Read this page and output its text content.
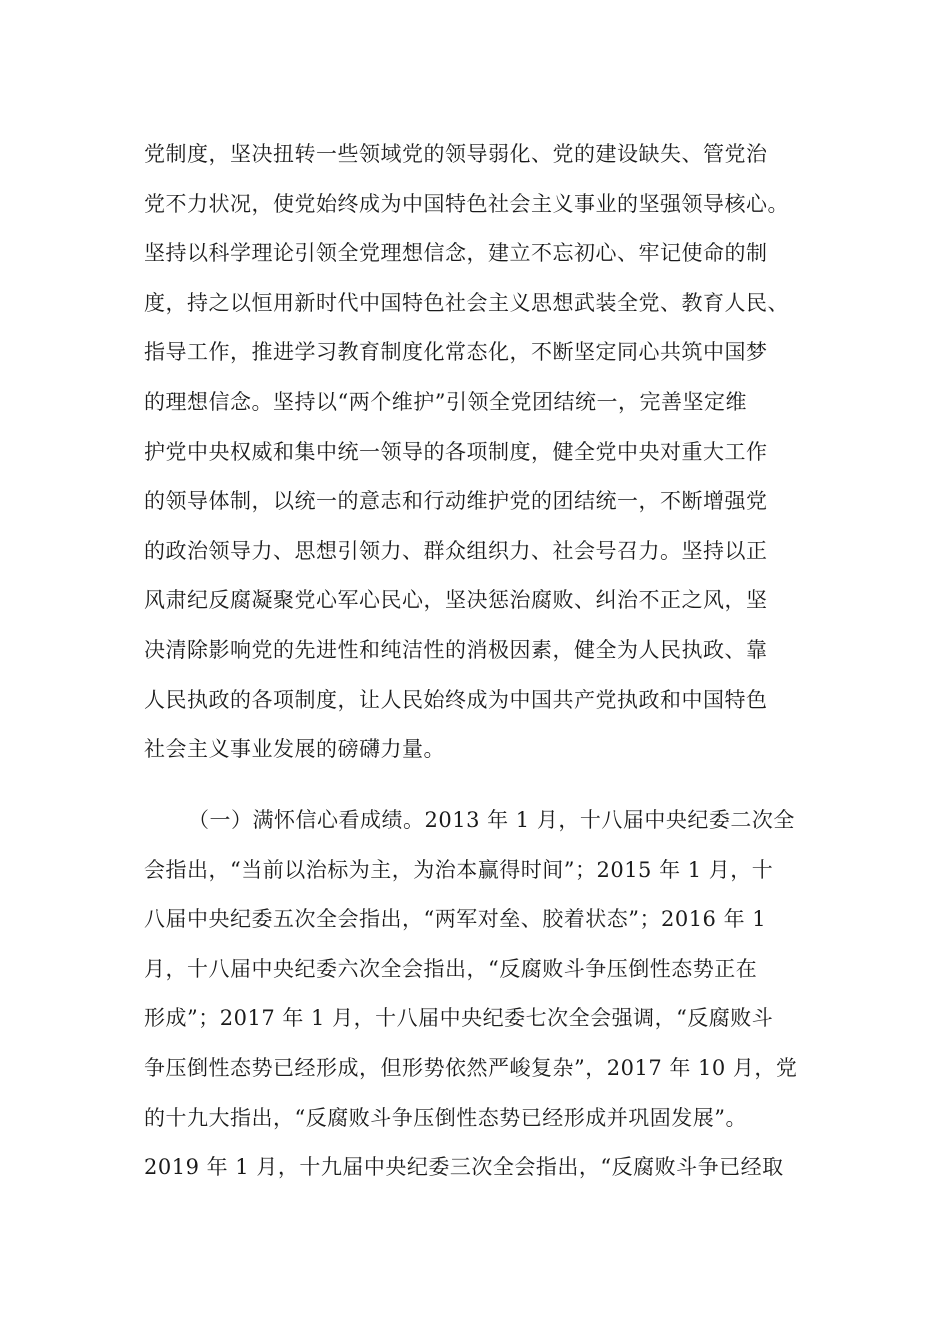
党制度，坚决扭转一些领域党的领导弱化、党的建设缺失、管党治
党不力状况，使党始终成为中国特色社会主义事业的坚强领导核心。
坚持以科学理论引领全党理想信念，建立不忘初心、牢记使命的制
度，持之以恒用新时代中国特色社会主义思想武装全党、教育人民、
指导工作，推进学习教育制度化常态化，不断坚定同心共筑中国梦
的理想信念。坚持以“两个维护”引领全党团结统一，完善坚定维
护党中央权威和集中统一领导的各项制度，健全党中央对重大工作
的领导体制，以统一的意志和行动维护党的团结统一，不断增强党
的政治领导力、思想引领力、群众组织力、社会号召力。坚持以正
风肃纪反腐凝聚党心军心民心，坚决惩治腐败、纠治不正之风，坚
决清除影响党的先进性和纯洁性的消极因素，健全为人民执政、靠
人民执政的各项制度，让人民始终成为中国共产党执政和中国特色
社会主义事业发展的磅礴力量。
（一）满怀信心看成绩。2013 年 1 月，十八届中央纪委二次全
会指出，“当前以治标为主，为治本赢得时间”；2015 年 1 月，十
八届中央纪委五次全会指出，“两军对垒、胶着状态”；2016 年 1
月，十八届中央纪委六次全会指出，“反腐败斗争压倒性态势正在
形成”；2017 年 1 月，十八届中央纪委七次全会强调，“反腐败斗
争压倒性态势已经形成，但形势依然严峻复杂”，2017 年 10 月，党
的十九大指出，“反腐败斗争压倒性态势已经形成并巩固发展”。
2019 年 1 月，十九届中央纪委三次全会指出，“反腐败斗争已经取
